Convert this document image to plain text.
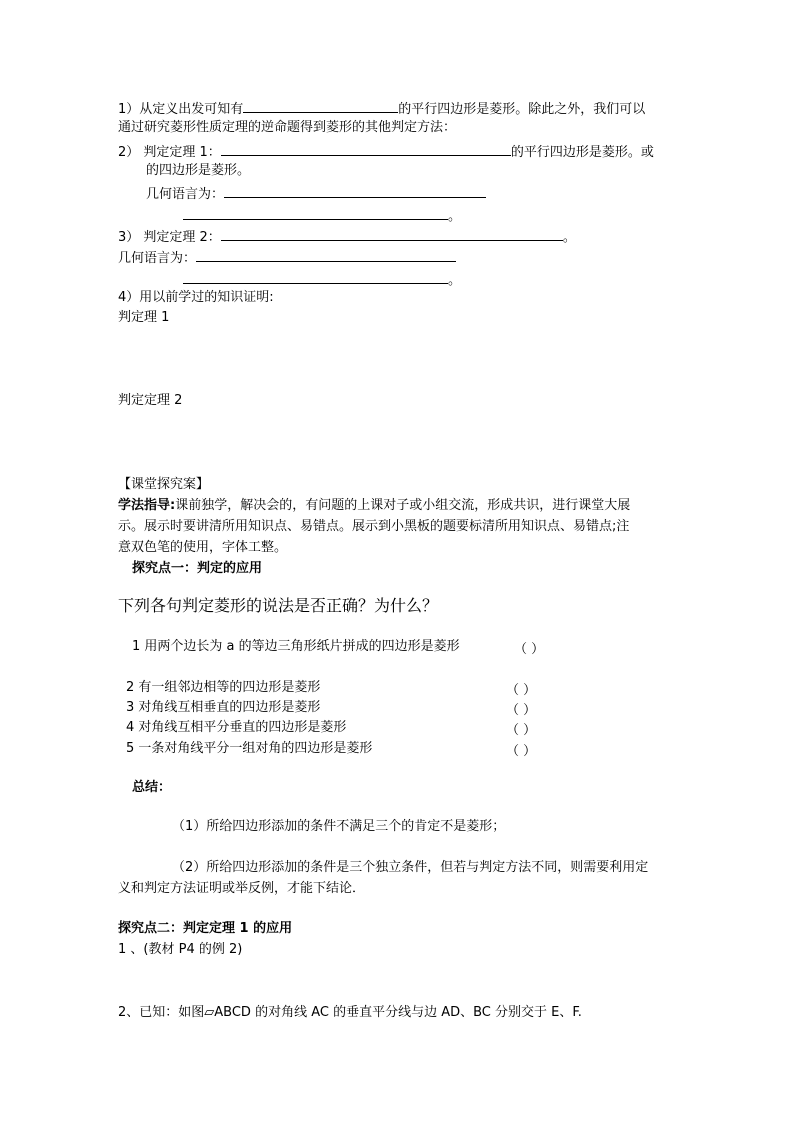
1）从定义出发可知有	的平行四边形是菱形。除此之外，我们可以
通过研究菱形性质定理的逆命题得到菱形的其他判定方法：
2） 判定定理 1：	的平行四边形是菱形。或
的四边形是菱形。
几何语言为：
。
3） 判定定理 2：	。
几何语言为：
。
4）用以前学过的知识证明:
判定理 1
判定定理 2
【课堂探究案】
学法指导:课前独学，解决会的，有问题的上课对子或小组交流，形成共识，进行课堂大展
示。展示时要讲清所用知识点、易错点。展示到小黑板的题要标清所用知识点、易错点;注
意双色笔的使用，字体工整。
探究点一：判定的应用
下列各句判定菱形的说法是否正确？为什么？
1 用两个边长为 a 的等边三角形纸片拼成的四边形是菱形	（ ）
2 有一组邻边相等的四边形是菱形	（ ）
3 对角线互相垂直的四边形是菱形	（ ）
4 对角线互相平分垂直的四边形是菱形	（ ）
5 一条对角线平分一组对角的四边形是菱形	（ ）
总结：
（1）所给四边形添加的条件不满足三个的肯定不是菱形；
（2）所给四边形添加的条件是三个独立条件，但若与判定方法不同，则需要利用定
义和判定方法证明或举反例，才能下结论．
探究点二：判定定理 1 的应用
1 、(教材 P4 的例 2)
2、已知：如图▱ABCD 的对角线 AC 的垂直平分线与边 AD、BC 分别交于 E、F.
